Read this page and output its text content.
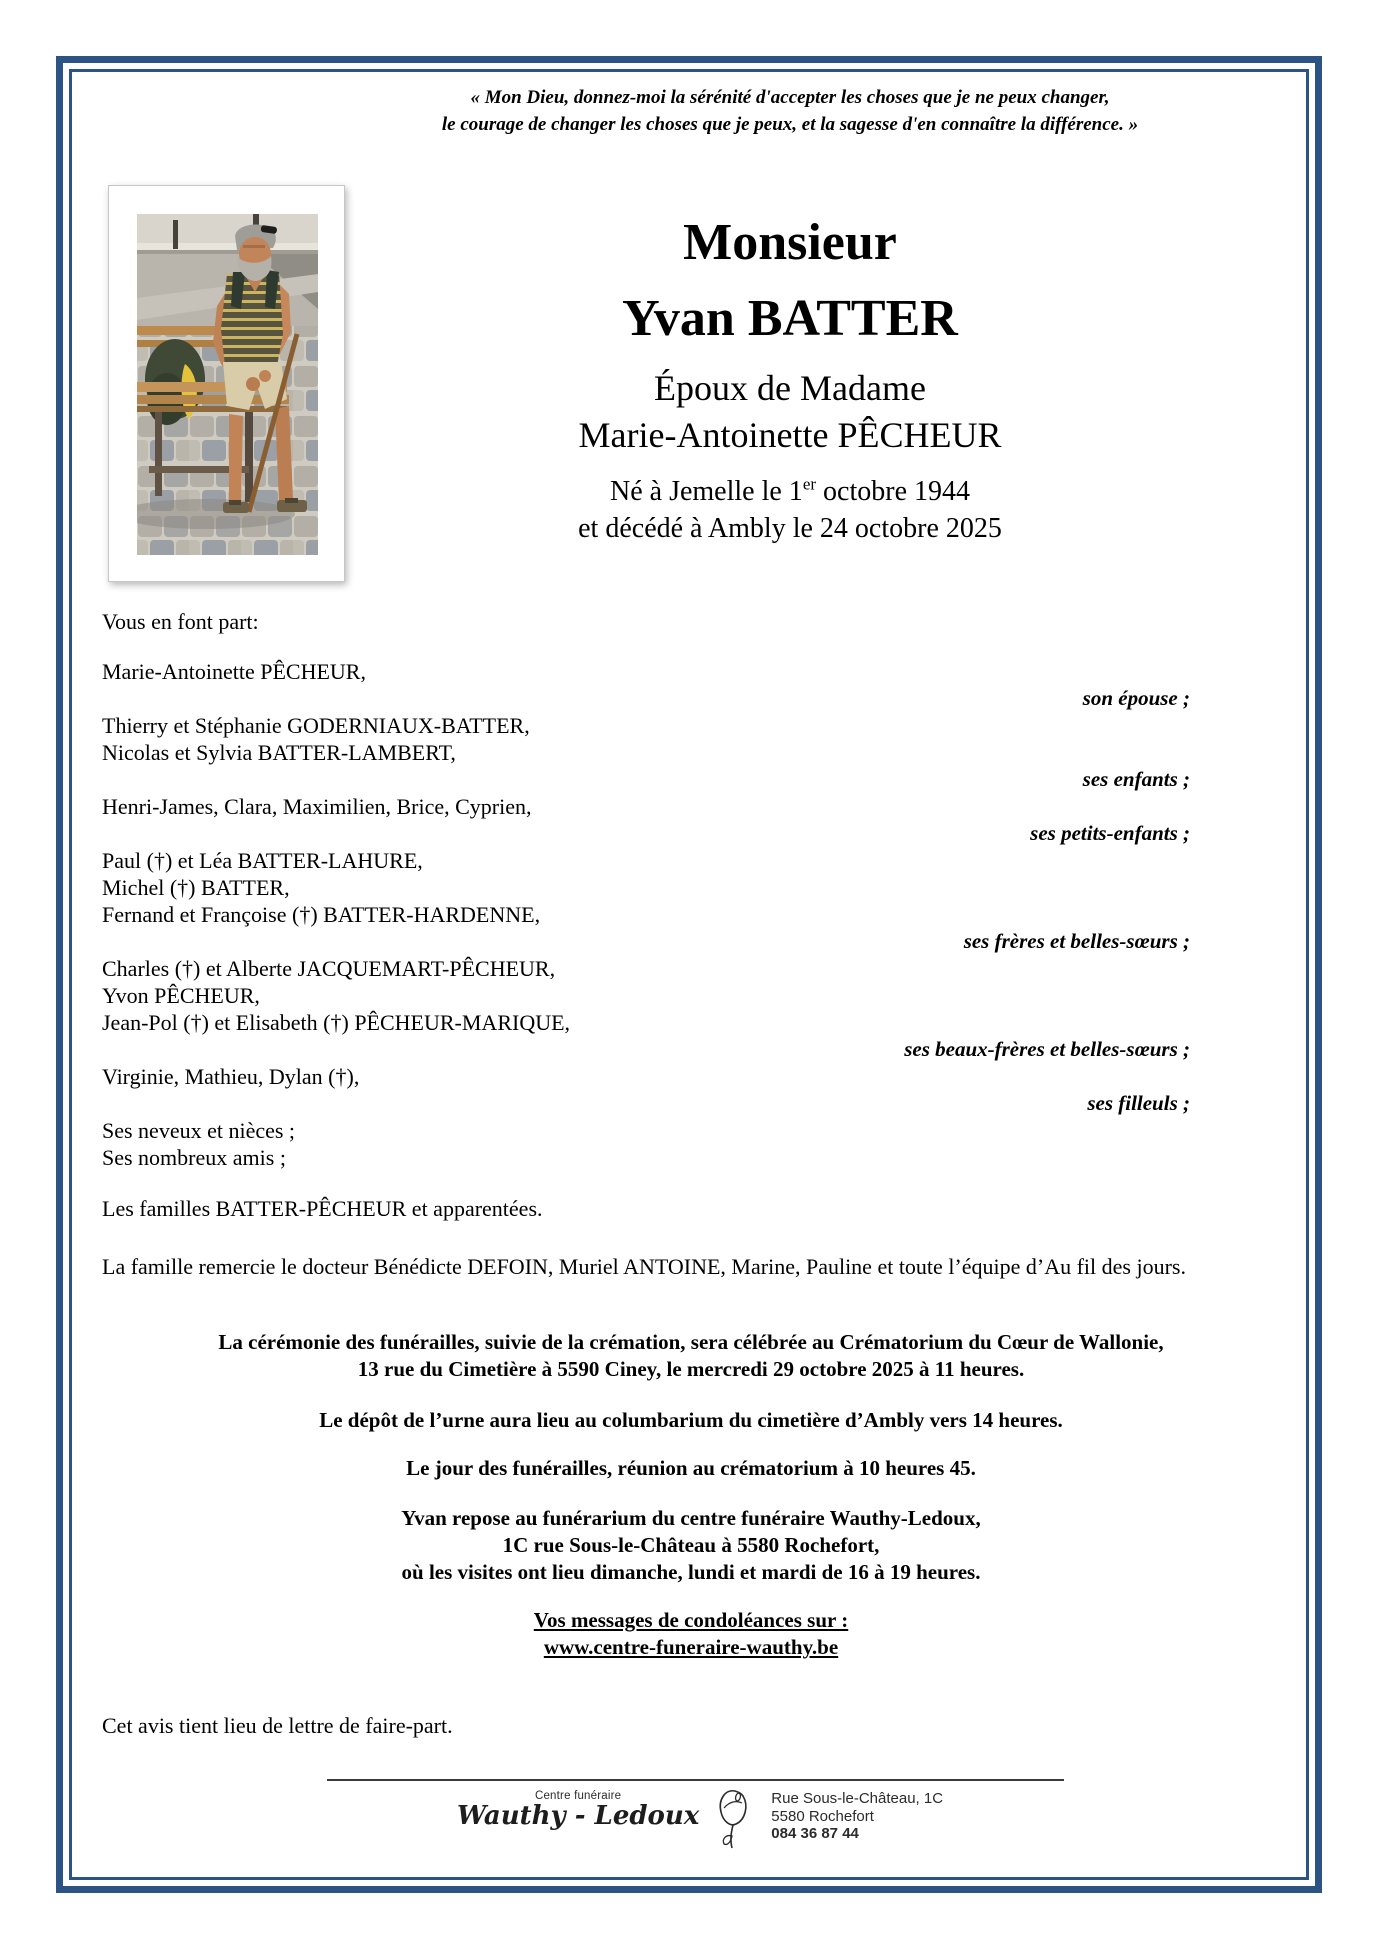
« Mon Dieu, donnez-moi la sérénité d'accepter les choses que je ne peux changer,
le courage de changer les choses que je peux, et la sagesse d'en connaître la différence. »
Monsieur
Yvan BATTER
Époux de Madame
Marie-Antoinette PÊCHEUR
Né à Jemelle le 1er octobre 1944
et décédé à Ambly le 24 octobre 2025
Vous en font part:
Marie-Antoinette PÊCHEUR,
son épouse ;
Thierry et Stéphanie GODERNIAUX-BATTER,
Nicolas et Sylvia BATTER-LAMBERT,
ses enfants ;
Henri-James, Clara, Maximilien, Brice, Cyprien,
ses petits-enfants ;
Paul (†) et Léa BATTER-LAHURE,
Michel (†) BATTER,
Fernand et Françoise (†) BATTER-HARDENNE,
ses frères et belles-sœurs ;
Charles (†) et Alberte JACQUEMART-PÊCHEUR,
Yvon PÊCHEUR,
Jean-Pol (†) et Elisabeth (†) PÊCHEUR-MARIQUE,
ses beaux-frères et belles-sœurs ;
Virginie, Mathieu, Dylan (†),
ses filleuls ;
Ses neveux et nièces ;
Ses nombreux amis ;
Les familles BATTER-PÊCHEUR et apparentées.
La famille remercie le docteur Bénédicte DEFOIN, Muriel ANTOINE, Marine, Pauline et toute l’équipe d’Au fil des jours.

La cérémonie des funérailles, suivie de la crémation, sera célébrée au Crématorium du Cœur de Wallonie,
13 rue du Cimetière à 5590 Ciney, le mercredi 29 octobre 2025 à 11 heures.

Le dépôt de l’urne aura lieu au columbarium du cimetière d’Ambly vers 14 heures.

Le jour des funérailles, réunion au crématorium à 10 heures 45.

Yvan repose au funérarium du centre funéraire Wauthy-Ledoux,
1C rue Sous-le-Château à 5580 Rochefort,
où les visites ont lieu dimanche, lundi et mardi de 16 à 19 heures.

Vos messages de condoléances sur :
www.centre-funeraire-wauthy.be

Cet avis tient lieu de lettre de faire-part.
Centre funéraire
Wauthy - Ledoux
Rue Sous-le-Château, 1C
5580 Rochefort
084 36 87 44
